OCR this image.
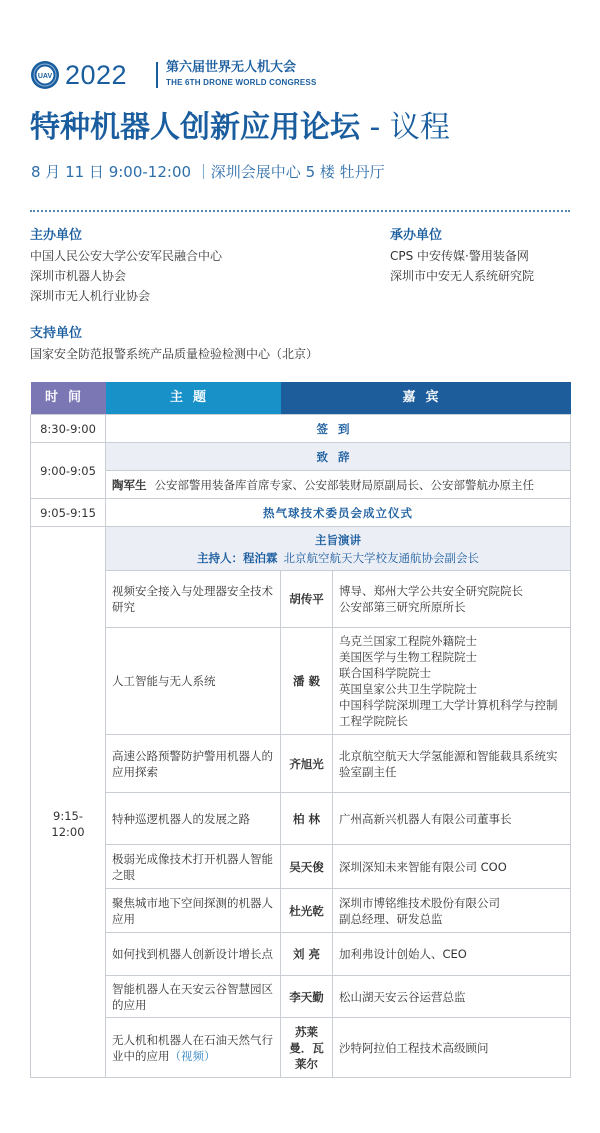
UAV 2022	第六届世界无人机大会
THE 6TH DRONE WORLD CONGRESS
特种机器人创新应用论坛 - 议程
8 月 11 日 9:00-12:00 ｜深圳会展中心 5 楼 牡丹厅
主办单位
中国人民公安大学公安军民融合中心
深圳市机器人协会
深圳市无人机行业协会
承办单位
CPS 中安传媒·警用装备网
深圳市中安无人系统研究院
支持单位
国家安全防范报警系统产品质量检验检测中心（北京）
时间	主题	嘉宾	
8:30-9:00	签到		
9:00-9:05	致辞		
	陶军生 公安部警用装备库首席专家、公安部装财局原副局长、公安部警航办原主任		
9:05-9:15	热气球技术委员会成立仪式		

	主旨演讲
主持人：程泊霖 北京航空航天大学校友通航协会副会长		

9:15-12:00	视频安全接入与处理器安全技术研究	胡传平	博导、郑州大学公共安全研究院院长
公安部第三研究所原所长
	人工智能与无人系统	潘 毅	乌克兰国家工程院外籍院士
美国医学与生物工程院院士
联合国科学院院士
英国皇家公共卫生学院院士
中国科学院深圳理工大学计算机科学与控制工程学院院长
	高速公路预警防护警用机器人的应用探索	齐旭光	北京航空航天大学氢能源和智能载具系统实验室副主任
	特种巡逻机器人的发展之路	柏 林	广州高新兴机器人有限公司董事长
	极弱光成像技术打开机器人智能之眼	吴天俊	深圳深知未来智能有限公司 COO
	聚焦城市地下空间探测的机器人应用	杜光乾	深圳市博铭维技术股份有限公司
副总经理、研发总监
	如何找到机器人创新设计增长点	刘 亮	加利弗设计创始人、CEO
	智能机器人在天安云谷智慧园区的应用	李天勤	松山湖天安云谷运营总监
	无人机和机器人在石油天然气行业中的应用（视频）	苏莱曼．瓦莱尔	沙特阿拉伯工程技术高级顾问
